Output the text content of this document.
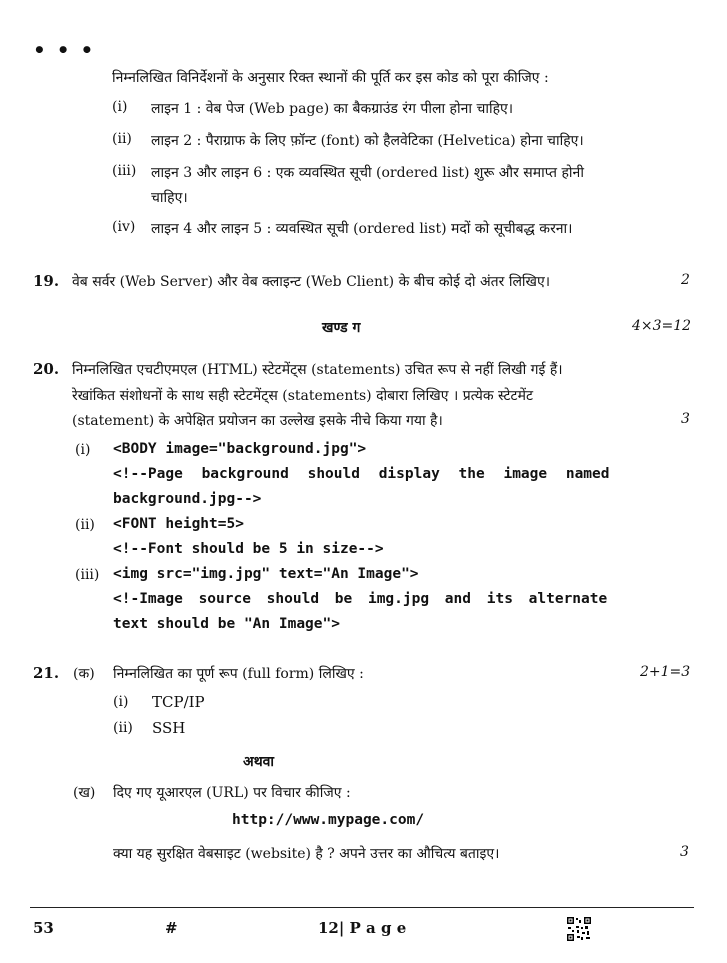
• • •
निम्नलिखित विनिर्देशनों के अनुसार रिक्त स्थानों की पूर्ति कर इस कोड को पूरा कीजिए :
(i) लाइन 1 : वेब पेज (Web page) का बैकग्राउंड रंग पीला होना चाहिए।
(ii) लाइन 2 : पैराग्राफ के लिए फ़ॉन्ट (font) को हैलवेटिका (Helvetica) होना चाहिए।
(iii) लाइन 3 और लाइन 6 : एक व्यवस्थित सूची (ordered list) शुरू और समाप्त होनी
चाहिए।
(iv) लाइन 4 और लाइन 5 : व्यवस्थित सूची (ordered list) मदों को सूचीबद्ध करना।
19. वेब सर्वर (Web Server) और वेब क्लाइन्ट (Web Client) के बीच कोई दो अंतर लिखिए।	2
खण्ड ग	4×3=12
20. निम्नलिखित एचटीएमएल (HTML) स्टेटमेंट्स (statements) उचित रूप से नहीं लिखी गई हैं।
रेखांकित संशोधनों के साथ सही स्टेटमेंट्स (statements) दोबारा लिखिए । प्रत्येक स्टेटमेंट
(statement) के अपेक्षित प्रयोजन का उल्लेख इसके नीचे किया गया है।	3
(i) <BODY image="background.jpg">
<!--Page background should display the image named
background.jpg-->
(ii) <FONT height=5>
<!--Font should be 5 in size-->
(iii) <img src="img.jpg" text="An Image">
<!-Image source should be img.jpg and its alternate
text should be "An Image">
21. (क) निम्नलिखित का पूर्ण रूप (full form) लिखिए :	2+1=3
(i) TCP/IP
(ii) SSH
अथवा
(ख) दिए गए यूआरएल (URL) पर विचार कीजिए :
http://www.mypage.com/
क्या यह सुरक्षित वेबसाइट (website) है ? अपने उत्तर का औचित्य बताइए।	3
53	#	12| P a g e
